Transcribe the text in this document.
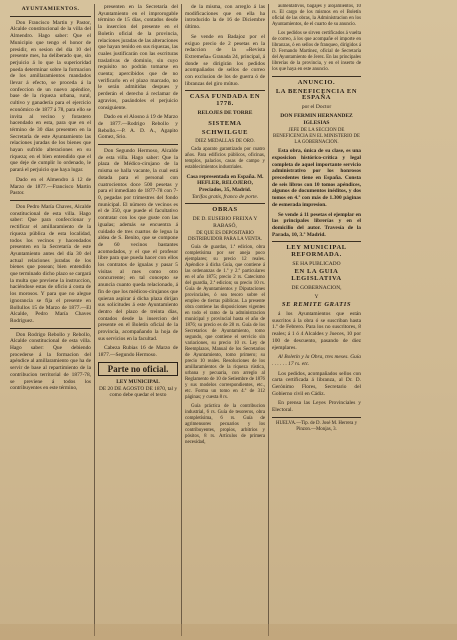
AYUNTAMIENTOS.
Don Francisco Martin y Pastor, Alcalde constitucional de la villa del Almendro. Hago saber: Que el Municipio que tengo el honor de presidir, en sesion del dia 10 del presente mes, ha deliberado que, sin perjuicio á lo que la superioridad pueda determinar sobre la formacion de los amillaramientos mandados llevar á efecto, se proceda á la confeccion de un nuevo apéndice, base de la riqueza urbana, rural, cultivo y ganadería para el ejercicio económico de 1877 á 78, para ello se invita al vecino y forastero hacendado en esta, para que en el término de 30 días presenten en la Secretaría de este Ayuntamiento las relaciones juradas de los bienes que hayan sufrido alteraciones en su riqueza; en el bien entendido que el que deje de cumplir lo ordenado, le parará el perjuicio que haya lugar.
Dado en el Almendro á 12 de Marzo de 1877.—Francisco Martin Pastor.
Don Pedro María Chaves, Alcalde constitucional de esta villa. Hago saber: Que para confeccionar y rectificar el amillaramiento de la riqueza pública de esta localidad, todos los vecinos y hacendados presenten en la Secretaría de este Ayuntamiento antes del día 30 del actual relaciones juradas de los bienes que posean; bien entendido que terminado dicho plazo se cargará la multa que previene la instruccion, haciéndose estas de oficio á costa de los morosos. Y para que no alegue ignorancia se fija el presente en Bollullos 15 de Marzo de 1877.—El Alcalde, Pedro María Chaves Rodriguez.
Don Rodrigo Rebollo y Rebollo, Alcalde constitucional de esta villa. Hago saber: Que debiendo procederse á la formacion del apéndice al amillaramiento que ha de servir de base al repartimiento de la contribucion territorial de 1877-78, se previene á todos los contribuyentes en este término,
presenten en la Secretaría del Ayuntamiento en el improrogable término de 15 días, contados desde la insercion del presente en el Boletín oficial de la provincia, relaciones juradas de las alteraciones que hayan tenido en sus riquezas, las cuales justificarán con las escrituras traslativas de dominio, sin cuyo requisito no podrán tomarse en cuenta; apercibidos que de no verificarlo en el plazo marcado, no le serán admitidas despues y perderán el derecho á reclamar de agravios, pasándoles el perjuicio consiguiente.
Dado en el Alosno á 19 de Marzo de 1877.—Rodrigo Rebollo y Rebollo.—P. A. D. A., Agapito Gomez, Srio.
Don Segundo Hermoso, Alcalde de esta villa. Hago saber: Que la plaza de Médico-cirujano de la misma se halla vacante, la cual está dotada para el personal con cuatrocientos doce 500 pesetas y para el inmediato de 1877-78 con 7-0, pegadas por trimestres del fondo municipal. El número de vecinos es el de 350, que puede el facultativo contratar con los que guste con las igualas; además se encuentra á cuidado de tres cuartos de legua la aldea de S. Benito, que se compone de 60 vecinos bastantes acomodados, y el que el profesor libre para que pueda hacer con ellos los contratos de igualas y pasar 5 visitas al mes como otro concurrente; en tal concepto se anuncia cuanto queda relacionado, á fin de que los médicos-cirujanos que quieran aspirar á dicha plaza dirijan sus solicitudes á este Ayuntamiento dentro del plazo de treinta días, contados desde la insercion del presente en el Boletín oficial de la provincia, acompañando la hoja de sus servicios en la facultad.
Cabeza Rubias 16 de Marzo de 1877.—Segundo Hermoso.
Parte no oficial.
LEY MUNICIPAL
DE 20 DE AGOSTO DE 1870, tal y como debe quedar el texto
de la misma, con arreglo á las modificaciones que en ella ha introducido la de 16 de Diciembre último.
Se vende en Badajoz por el exiguo precio de 2 pesetas en la redaccion de la «Revista Extremeña» Granada 24, principal, á donde se dirigirán los pedidos acompañados de sellos de correo con exclusion de los de guerra ó de libranzas del giro mútuo.
CASA FUNDADA EN 1778.
RELOJES DE TORRE
SISTEMA SCHWILGUE
DIEZ MEDALLAS DE ORO.
Cada aparato garantizado por cuatro años. Para edificios públicos, oficinas, templos, palacios, casas de campo y establecimientos industriales.
Casa representada en España. M. HEFLER, RELOJERO, Preciados, 35, Madrid.
Tarifas gratis, franco de porte.
OBRAS
DE D. EUSEBIO FREIXA Y RABASÓ,
DE QUE ES DEPOSITARIO DISTRIBUIDOR PARA LA VENTA.
Guía de guardas, 1.ª edicion, obra completísima por ser aneja poco ejemplares; su precio 12 reales. Apéndice á dicha Guía, que contiene á las ordenanzas de 1.º y 2.º particulares en el año 1875; precio 2 rs. Catecismo del guardia, 2.ª edicion; su precio 10 rs. Guía de Ayuntamientos y Diputaciones provinciales, ó sea tesoro sobre el empleo de tierras públicas. La presente obra contiene las disposiciones vigentes en todo el ramo de la administracion municipal y provincial hasta el año de 1876; su precio es de 28 rs. Guía de los Secretarios de Ayuntamiento, tomo segundo, que contiene el servicio sin variaciones, su precio 10 rs. Ley de Reemplazos, Manual de los Secretarios de Ayuntamiento, tomo primero; su precio 10 reales. Resoluciones de los amillaramientos de la riqueza rústica, urbana y pecuaria, con arreglo al Reglamento de 10 de Setiembre de 1876 y sus modelos correspondientes, etc., etc. Forma un tomo en 4.º de 312 páginas; y cuesta 8 rs.
Guía práctica de la contribucion industrial, 6 rs. Guía de tesoreros, obra completísima, 6 rs. Guía de agrimensores pecuarios y los contribuyentes, propios, arbitrios y pósitos, 8 rs. Artículos de primera necesidad,
aumentativos, bagajes y alojamientos, 10 rs. El cargo de los mismos en el Boletín oficial de las obras, la Administracion en los Ayuntamientos, de el cuarto de su anuncio.
Los pedidos se sirven certificados á vuelta de correo, á los que acompañe el importe en libranzas, ó en sellos de franqueo, dirigidos á D. Fernando Martínez, oficial de Secretaría del Ayuntamiento de Jerez. En las principales librerías de la provincia, y en el inserto de los que haya en este anuncio.
ANUNCIO.
LA BENEFICENCIA EN ESPAÑA
por el Doctor
DON FERMIN HERNANDEZ IGLESIAS
JEFE DE LA SECCION DE BENEFICENCIA EN EL MINISTERIO DE LA GOBERNACION.
Esta obra, única de su clase, es una exposicion histórico-crítica y legal completa de aquel importante servicio administrativo por los honrosos precedentes tiene en España. Consta de seis libros con 10 tomos apéndices, algunos de documentos inéditos, y dos tomos en 4.º con más de 1.300 páginas de esmerada impresion.
Se vende á 11 pesetas el ejemplar en las principales librerías y en el domicilio del autor. Travesía de la Parada, 10, 3.º Madrid.
LEY MUNICIPAL REFORMADA.
SE HA PUBLICADO
EN LA GUIA LEGISLATIVA
DE GOBERNACION,
Y
SE REMITE GRATIS
á los Ayuntamientos que están suscritos á la obra ó se suscriban hasta 1.º de Febrero. Para los no suscritores, 8 reales; á 1 ó 4 Alcaldes y Jueces, 10 por 100 de descuento, pasando de diez ejemplares.
Al Boletín y la Obra, tres meses. Guía . . . . . . 17 rs. etc.
Los pedidos, acompañados sellos con carta certificada á libranza, al Dr. D. Gerónimo Flores, Secretario del Gobierno civil en Cádiz.
En prensa las Leyes Provinciales y Electoral.
HUELVA.—Tip. de D. José M. Herrera y Pinzon.—Monjas, 3.
